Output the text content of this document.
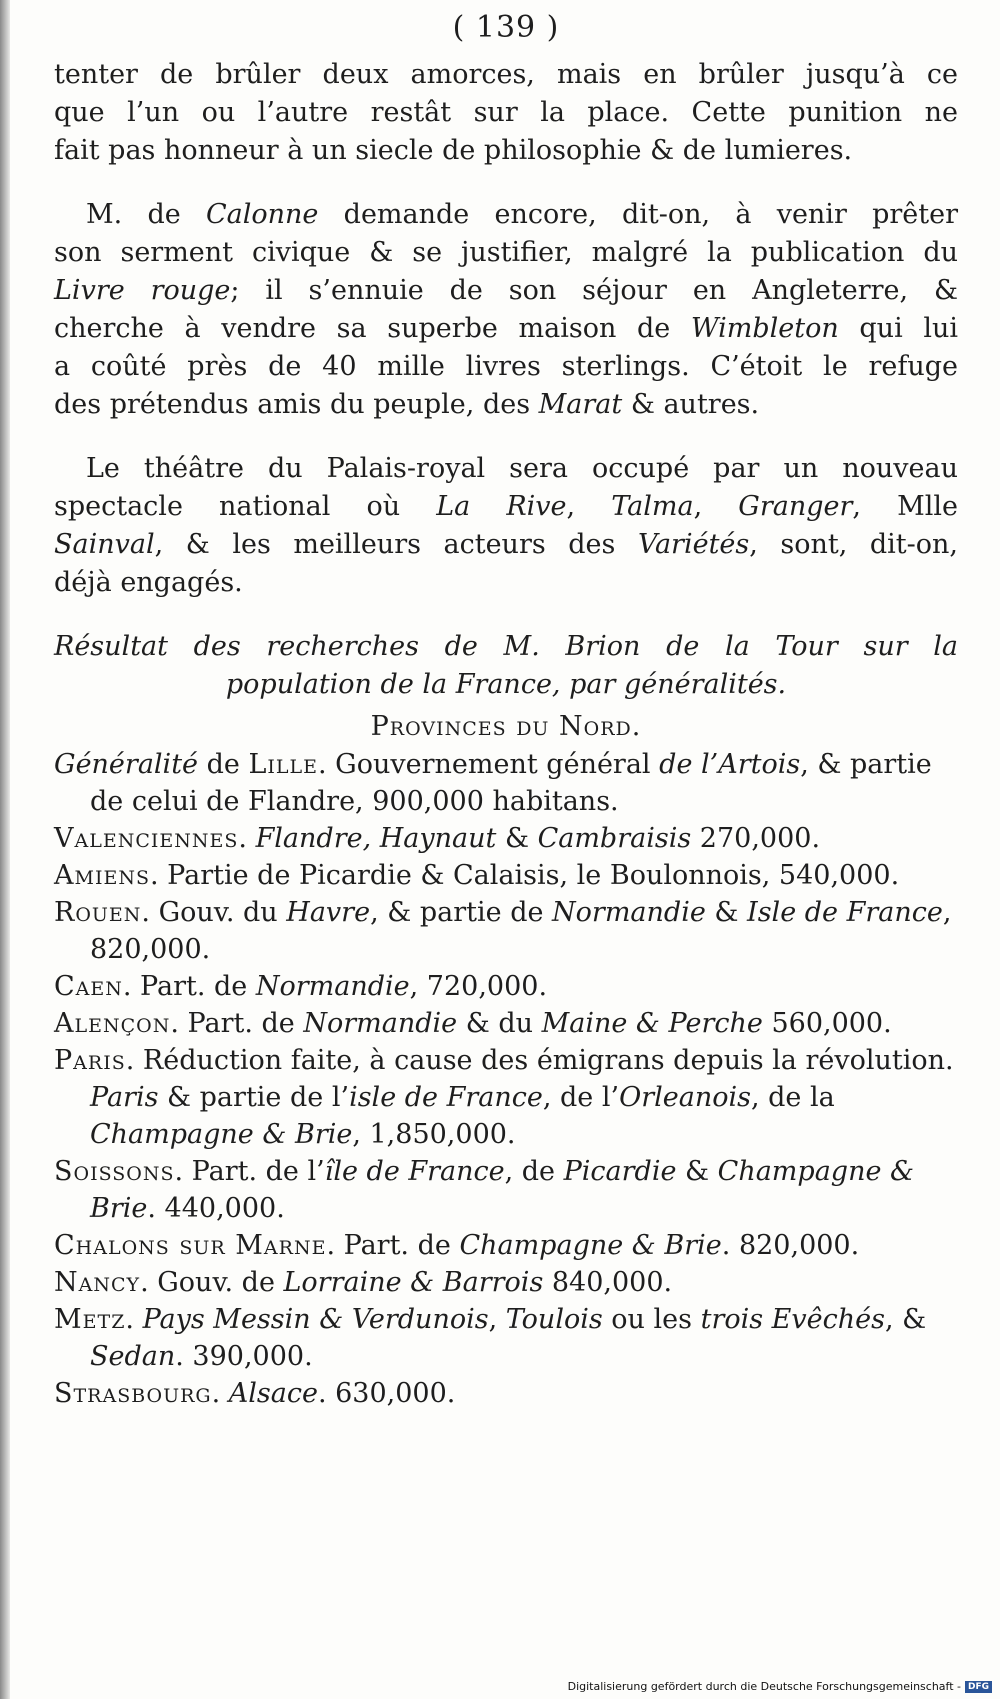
( 139 )

tenter de brûler deux amorces, mais en brûler jusqu’à ce

que l’un ou l’autre restât sur la place. Cette punition ne

fait pas honneur à un siecle de philosophie & de lumieres.

M. de Calonne demande encore, dit-on, à venir prêter

son serment civique & se justifier, malgré la publication du

Livre rouge; il s’ennuie de son séjour en Angleterre, &

cherche à vendre sa superbe maison de Wimbleton qui lui

a coûté près de 40 mille livres sterlings. C’étoit le refuge

des prétendus amis du peuple, des Marat & autres.

Le théâtre du Palais-royal sera occupé par un nouveau

spectacle national où La Rive, Talma, Granger, Mlle

Sainval, & les meilleurs acteurs des Variétés, sont, dit-on,

déjà engagés.

Résultat des recherches de M. Brion de la Tour sur la

population de la France, par généralités.

Provinces du Nord.

Généralité de Lille. Gouvernement général de l’Artois, & partie de celui de Flandre, 900,000 habitans.

Valenciennes. Flandre, Haynaut & Cambraisis 270,000.

Amiens. Partie de Picardie & Calaisis, le Boulonnois, 540,000.

Rouen. Gouv. du Havre, & partie de Normandie & Isle de France, 820,000.

Caen. Part. de Normandie, 720,000.

Alençon. Part. de Normandie & du Maine & Perche 560,000.

Paris. Réduction faite, à cause des émigrans depuis la révolution. Paris & partie de l’isle de France, de l’Orleanois, de la Champagne & Brie, 1,850,000.

Soissons. Part. de l’île de France, de Picardie & Champagne & Brie. 440,000.

Chalons sur Marne. Part. de Champagne & Brie. 820,000.

Nancy. Gouv. de Lorraine & Barrois 840,000.

Metz. Pays Messin & Verdunois, Toulois ou les trois Evêchés, & Sedan. 390,000.

Strasbourg. Alsace. 630,000.

Digitalisierung gefördert durch die Deutsche Forschungsgemeinschaft - DFG
